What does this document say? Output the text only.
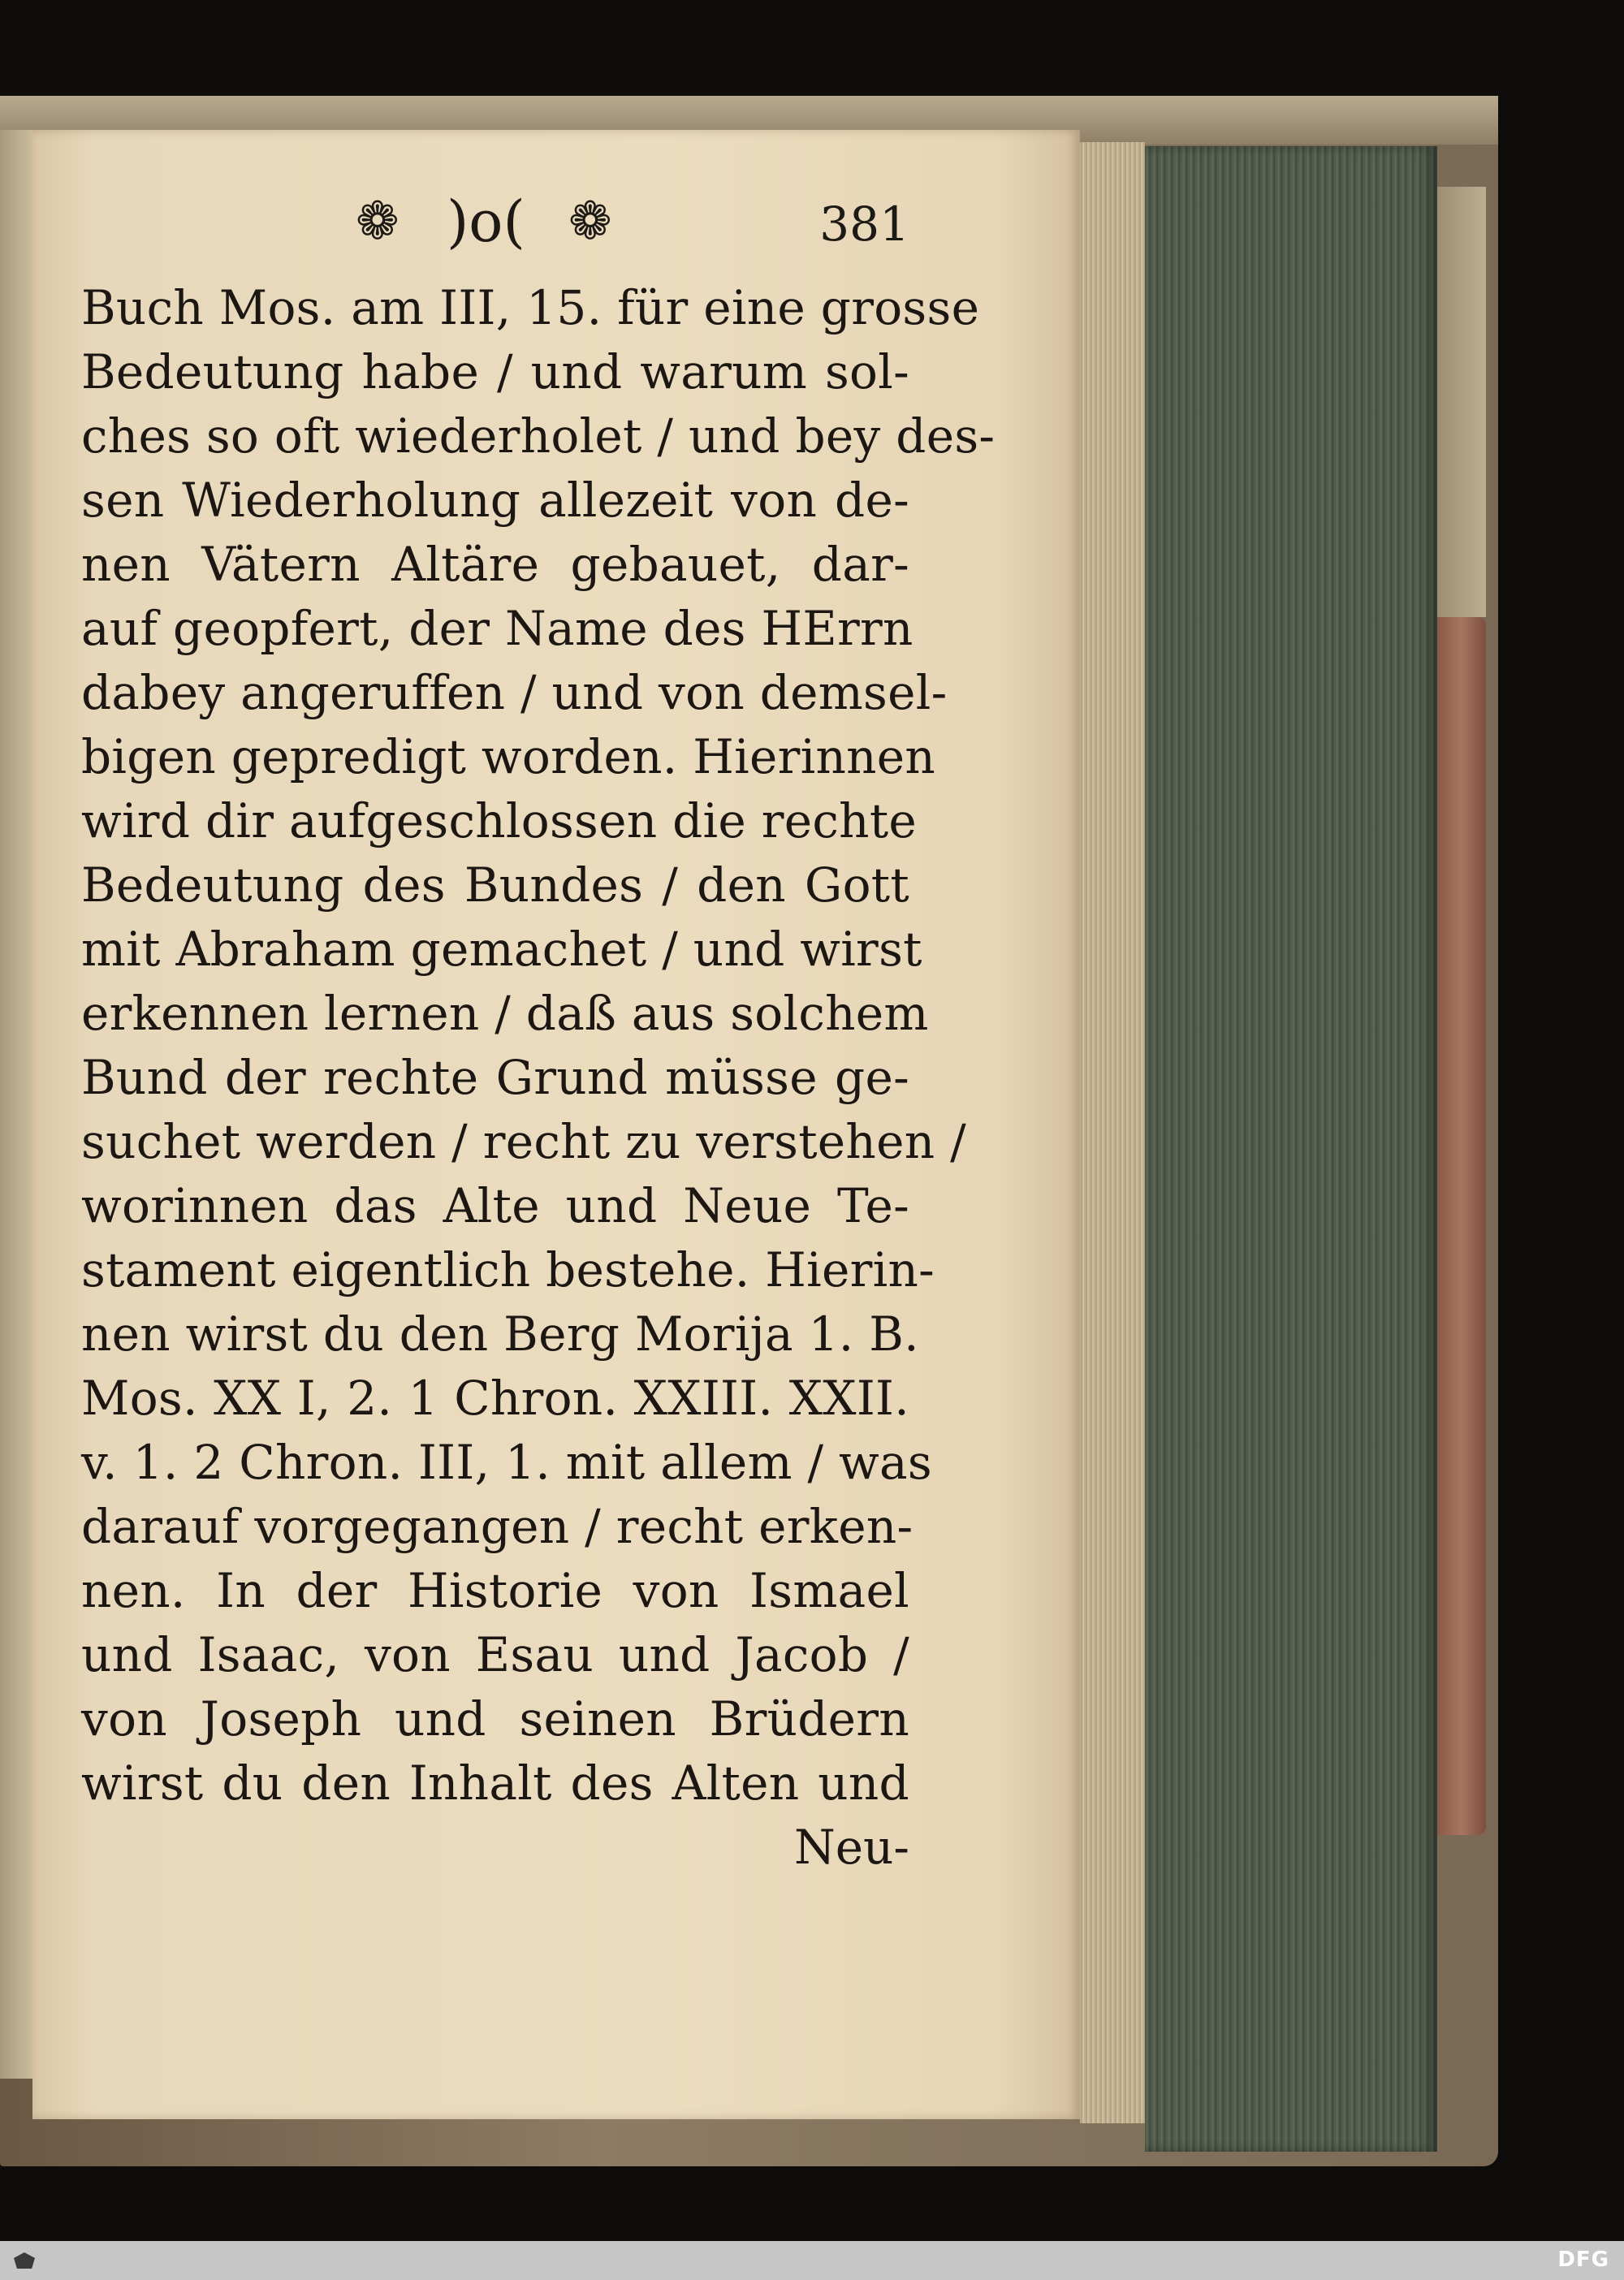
❁ )o( ❁	381
Buch Mos. am III, 15. für eine grosse
Bedeutung habe / und warum sol-
ches so oft wiederholet / und bey des-
sen Wiederholung allezeit von de-
nen Vätern Altäre gebauet, dar-
auf geopfert, der Name des HErrn
dabey angeruffen / und von demsel-
bigen gepredigt worden. Hierinnen
wird dir aufgeschlossen die rechte
Bedeutung des Bundes / den Gott
mit Abraham gemachet / und wirst
erkennen lernen / daß aus solchem
Bund der rechte Grund müsse ge-
suchet werden / recht zu verstehen /
worinnen das Alte und Neue Te-
stament eigentlich bestehe. Hierin-
nen wirst du den Berg Morija 1. B.
Mos. XX I, 2. 1 Chron. XXIII. XXII.
v. 1. 2 Chron. III, 1. mit allem / was
darauf vorgegangen / recht erken-
nen. In der Historie von Ismael
und Isaac, von Esau und Jacob /
von Joseph und seinen Brüdern
wirst du den Inhalt des Alten und
Neu-
DFG
